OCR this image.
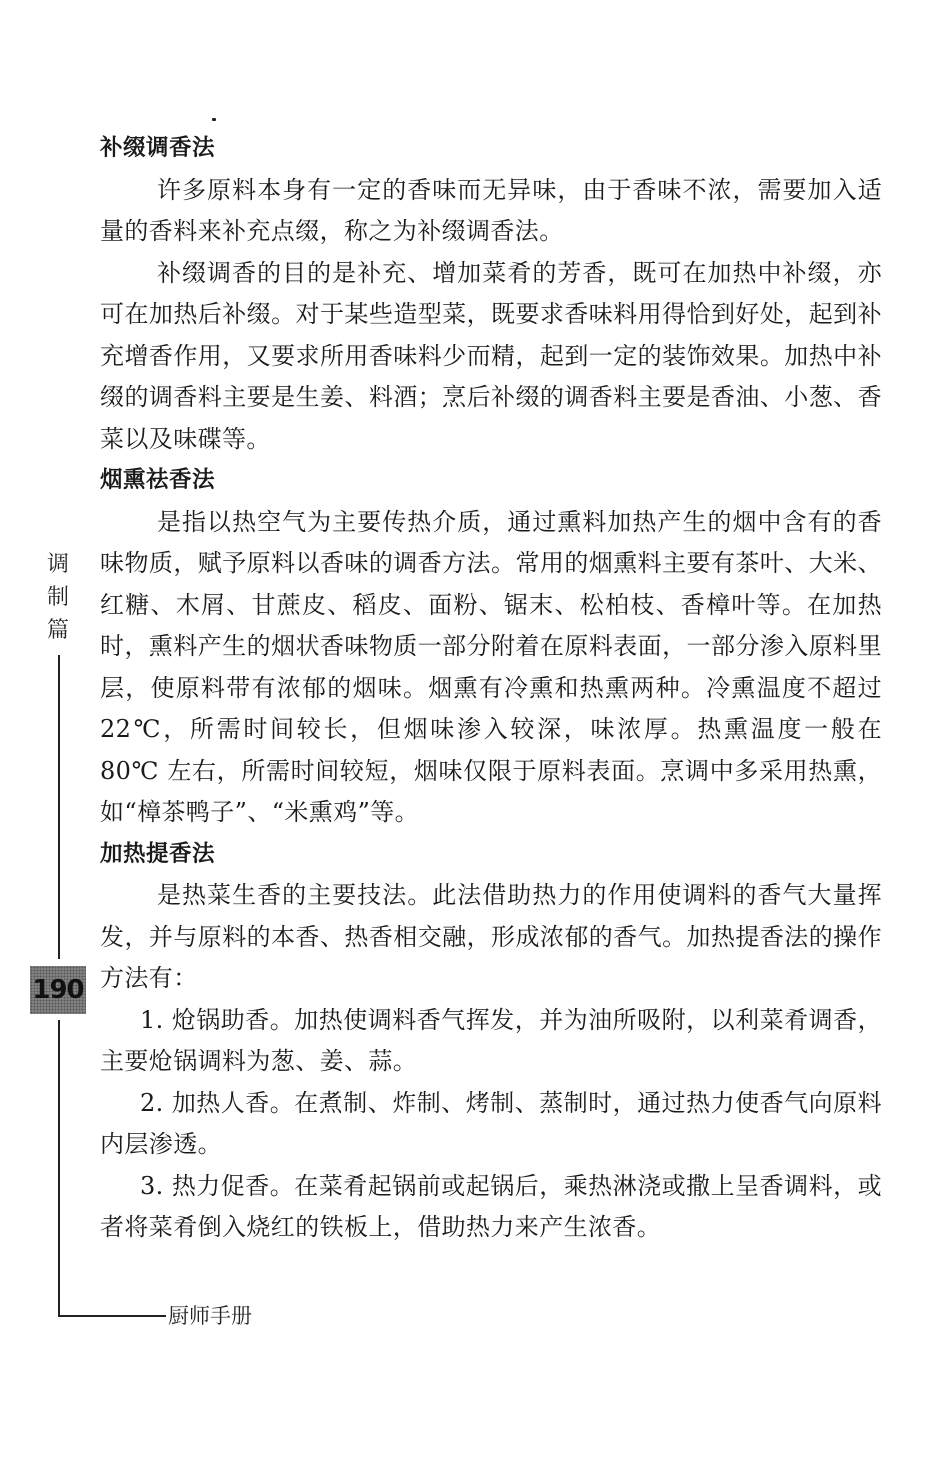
补缀调香法

许多原料本身有一定的香味而无异味，由于香味不浓，需要加入适量的香料来补充点缀，称之为补缀调香法。

补缀调香的目的是补充、增加菜肴的芳香，既可在加热中补缀，亦可在加热后补缀。对于某些造型菜，既要求香味料用得恰到好处，起到补充增香作用，又要求所用香味料少而精，起到一定的装饰效果。加热中补缀的调香料主要是生姜、料酒；烹后补缀的调香料主要是香油、小葱、香菜以及味碟等。

烟熏祛香法

是指以热空气为主要传热介质，通过熏料加热产生的烟中含有的香味物质，赋予原料以香味的调香方法。常用的烟熏料主要有茶叶、大米、红糖、木屑、甘蔗皮、稻皮、面粉、锯末、松柏枝、香樟叶等。在加热时，熏料产生的烟状香味物质一部分附着在原料表面，一部分渗入原料里层，使原料带有浓郁的烟味。烟熏有冷熏和热熏两种。冷熏温度不超过 22℃，所需时间较长，但烟味渗入较深，味浓厚。热熏温度一般在 80℃ 左右，所需时间较短，烟味仅限于原料表面。烹调中多采用热熏，如“樟茶鸭子”、“米熏鸡”等。

加热提香法

是热菜生香的主要技法。此法借助热力的作用使调料的香气大量挥发，并与原料的本香、热香相交融，形成浓郁的香气。加热提香法的操作方法有：

1. 炝锅助香。加热使调料香气挥发，并为油所吸附，以利菜肴调香，主要炝锅调料为葱、姜、蒜。

2. 加热人香。在煮制、炸制、烤制、蒸制时，通过热力使香气向原料内层渗透。

3. 热力促香。在菜肴起锅前或起锅后，乘热淋浇或撒上呈香调料，或者将菜肴倒入烧红的铁板上，借助热力来产生浓香。

调
制
篇
190
厨师手册
